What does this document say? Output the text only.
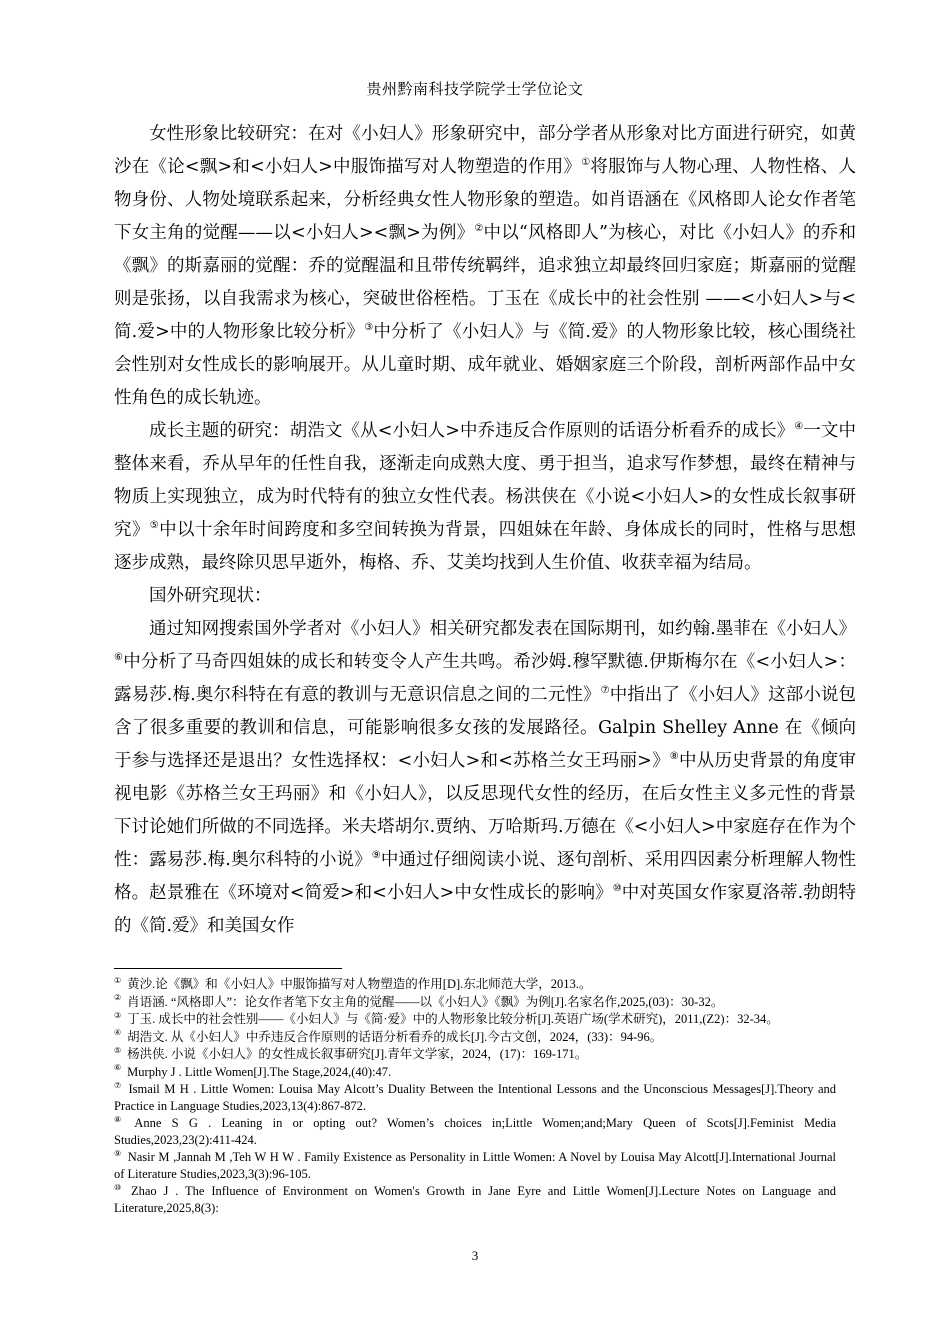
贵州黔南科技学院学士学位论文

女性形象比较研究：在对《小妇人》形象研究中，部分学者从形象对比方面进行研究，如黄沙在《论<飘>和<小妇人>中服饰描写对人物塑造的作用》①将服饰与人物心理、人物性格、人物身份、人物处境联系起来，分析经典女性人物形象的塑造。如肖语涵在《风格即人论女作者笔下女主角的觉醒——以<小妇人><飘>为例》②中以“风格即人”为核心，对比《小妇人》的乔和《飘》的斯嘉丽的觉醒：乔的觉醒温和且带传统羁绊，追求独立却最终回归家庭；斯嘉丽的觉醒则是张扬，以自我需求为核心，突破世俗桎梏。丁玉在《成长中的社会性别 ——<小妇人>与<简.爱>中的人物形象比较分析》③中分析了《小妇人》与《简.爱》的人物形象比较，核心围绕社会性别对女性成长的影响展开。从儿童时期、成年就业、婚姻家庭三个阶段，剖析两部作品中女性角色的成长轨迹。

成长主题的研究：胡浩文《从<小妇人>中乔违反合作原则的话语分析看乔的成长》④一文中整体来看，乔从早年的任性自我，逐渐走向成熟大度、勇于担当，追求写作梦想，最终在精神与物质上实现独立，成为时代特有的独立女性代表。杨洪侠在《小说<小妇人>的女性成长叙事研究》⑤中以十余年时间跨度和多空间转换为背景，四姐妹在年龄、身体成长的同时，性格与思想逐步成熟，最终除贝思早逝外，梅格、乔、艾美均找到人生价值、收获幸福为结局。

国外研究现状：

通过知网搜索国外学者对《小妇人》相关研究都发表在国际期刊，如约翰.墨菲在《小妇人》⑥中分析了马奇四姐妹的成长和转变令人产生共鸣。希沙姆.穆罕默德.伊斯梅尔在《<小妇人>：露易莎.梅.奥尔科特在有意的教训与无意识信息之间的二元性》⑦中指出了《小妇人》这部小说包含了很多重要的教训和信息，可能影响很多女孩的发展路径。Galpin Shelley Anne 在《倾向于参与选择还是退出？女性选择权：<小妇人>和<苏格兰女王玛丽>》⑧中从历史背景的角度审视电影《苏格兰女王玛丽》和《小妇人》，以反思现代女性的经历，在后女性主义多元性的背景下讨论她们所做的不同选择。米夫塔胡尔.贾纳、万哈斯玛.万德在《<小妇人>中家庭存在作为个性：露易莎.梅.奥尔科特的小说》⑨中通过仔细阅读小说、逐句剖析、采用四因素分析理解人物性格。赵景雅在《环境对<简爱>和<小妇人>中女性成长的影响》⑩中对英国女作家夏洛蒂.勃朗特的《简.爱》和美国女作

① 黄沙.论《飘》和《小妇人》中服饰描写对人物塑造的作用[D].东北师范大学，2013.。
② 肖语涵. “风格即人”：论女作者笔下女主角的觉醒——以《小妇人》《飘》为例[J].名家名作,2025,(03)：30-32。
③ 丁玉. 成长中的社会性别——《小妇人》与《简·爱》中的人物形象比较分析[J].英语广场(学术研究)，2011,(Z2)：32-34。
④ 胡浩文. 从《小妇人》中乔违反合作原则的话语分析看乔的成长[J].今古文创，2024，(33)：94-96。
⑤ 杨洪侠. 小说《小妇人》的女性成长叙事研究[J].青年文学家，2024，(17)：169-171。
⑥ Murphy J . Little Women[J].The Stage,2024,(40):47.
⑦ Ismail M H . Little Women: Louisa May Alcott’s Duality Between the Intentional Lessons and the Unconscious Messages[J].Theory and Practice in Language Studies,2023,13(4):867-872.
⑧ Anne S G . Leaning in or opting out? Women’s choices in;Little Women;and;Mary Queen of Scots[J].Feminist Media Studies,2023,23(2):411-424.
⑨ Nasir M ,Jannah M ,Teh W H W . Family Existence as Personality in Little Women: A Novel by Louisa May Alcott[J].International Journal of Literature Studies,2023,3(3):96-105.
⑩ Zhao J . The Influence of Environment on Women's Growth in Jane Eyre and Little Women[J].Lecture Notes on Language and Literature,2025,8(3):
3
